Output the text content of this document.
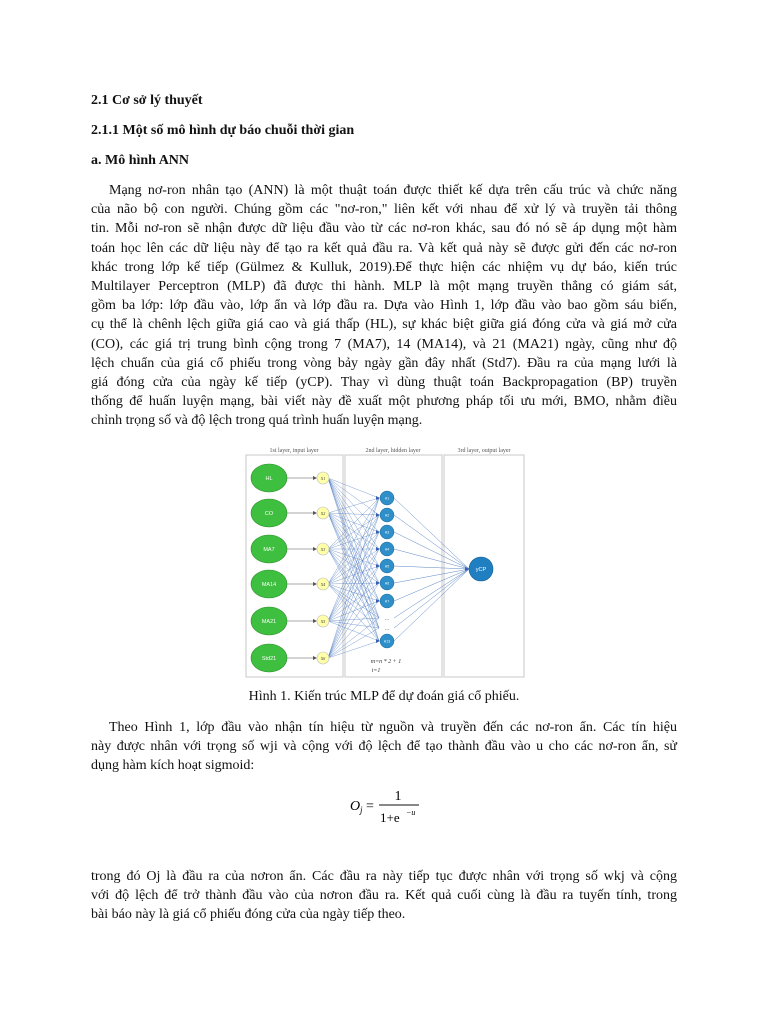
2.1 Cơ sở lý thuyết
2.1.1 Một số mô hình dự báo chuỗi thời gian
a. Mô hình ANN
Mạng nơ-ron nhân tạo (ANN) là một thuật toán được thiết kế dựa trên cấu trúc và chức năng
của não bộ con người. Chúng gồm các "nơ-ron," liên kết với nhau để xử lý và truyền tải thông
tin. Mỗi nơ-ron sẽ nhận được dữ liệu đầu vào từ các nơ-ron khác, sau đó nó sẽ áp dụng một hàm
toán học lên các dữ liệu này để tạo ra kết quả đầu ra. Và kết quả này sẽ được gửi đến các nơ-ron
khác trong lớp kế tiếp (Gülmez & Kulluk, 2019).Để thực hiện các nhiệm vụ dự báo, kiến trúc
Multilayer Perceptron (MLP) đã được thi hành. MLP là một mạng truyền thẳng có giám sát,
gồm ba lớp: lớp đầu vào, lớp ẩn và lớp đầu ra. Dựa vào Hình 1, lớp đầu vào bao gồm sáu biến,
cụ thể là chênh lệch giữa giá cao và giá thấp (HL), sự khác biệt giữa giá đóng cửa và giá mở cửa
(CO), các giá trị trung bình cộng trong 7 (MA7), 14 (MA14), và 21 (MA21) ngày, cũng như độ
lệch chuẩn của giá cổ phiếu trong vòng bảy ngày gần đây nhất (Std7). Đầu ra của mạng lưới là
giá đóng cửa của ngày kế tiếp (yCP). Thay vì dùng thuật toán Backpropagation (BP) truyền
thống để huấn luyện mạng, bài viết này đề xuất một phương pháp tối ưu mới, BMO, nhằm điều
chỉnh trọng số và độ lệch trong quá trình huấn luyện mạng.
1st layer, input layer	2nd layer, hidden layer	3rd layer, output layer
HL	X1
CO	X2
MA7	X3
MA14	X4
MA21	X5
Std21	X6
H1
H2
H3
H4
H5
H6
H7
...
...
H13
yCP
m=n * 2 + 1
i=1
Hình 1. Kiến trúc MLP để dự đoán giá cổ phiếu.
Theo Hình 1, lớp đầu vào nhận tín hiệu từ nguồn và truyền đến các nơ-ron ẩn. Các tín hiệu
này được nhân với trọng số wji và cộng với độ lệch để tạo thành đầu vào u cho các nơ-ron ẩn, sử
dụng hàm kích hoạt sigmoid:
O j =
1
1+e −u
trong đó Oj là đầu ra của nơron ẩn. Các đầu ra này tiếp tục được nhân với trọng số wkj và cộng
với độ lệch để trở thành đầu vào của nơron đầu ra. Kết quả cuối cùng là đầu ra tuyến tính, trong
bài báo này là giá cổ phiếu đóng cửa của ngày tiếp theo.
